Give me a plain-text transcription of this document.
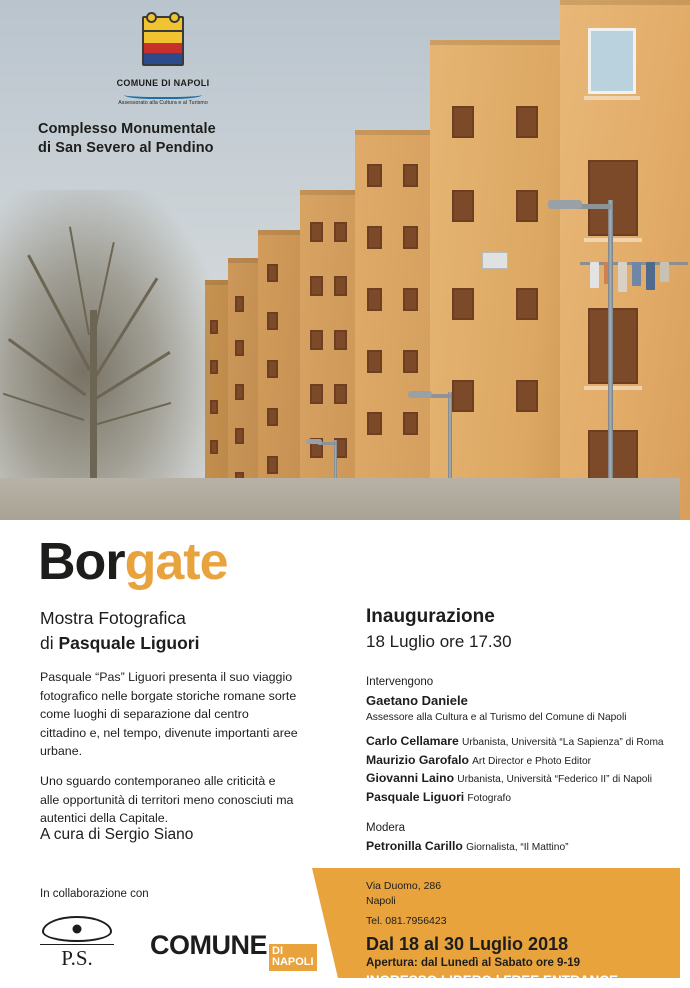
COMUNE DI NAPOLI
Assessorato alla Cultura e al Turismo
Complesso Monumentale
di San Severo al Pendino
Borgate
Mostra Fotografica
di Pasquale Liguori

Pasquale “Pas” Liguori presenta il suo viaggio fotografico nelle borgate storiche romane sorte come luoghi di separazione dal centro cittadino e, nel tempo, divenute importanti aree urbane.

Uno sguardo contemporaneo alle criticità e alle opportunità di territori meno conosciuti ma autentici della Capitale.

A cura di Sergio Siano
In collaborazione con
P.S.	COMUNE DI
NAPOLI
Inaugurazione
18 Luglio ore 17.30
Intervengono
Gaetano Daniele
Assessore alla Cultura e al Turismo del Comune di Napoli
Carlo Cellamare Urbanista, Università “La Sapienza” di Roma
Maurizio Garofalo Art Director e Photo Editor
Giovanni Laino Urbanista, Università “Federico II” di Napoli
Pasquale Liguori Fotografo
Modera
Petronilla Carillo Giornalista, “Il Mattino”
Via Duomo, 286
Napoli
Tel. 081.7956423
Dal 18 al 30 Luglio 2018
Apertura: dal Lunedì al Sabato ore 9-19
INGRESSO LIBERO | FREE ENTRANCE
